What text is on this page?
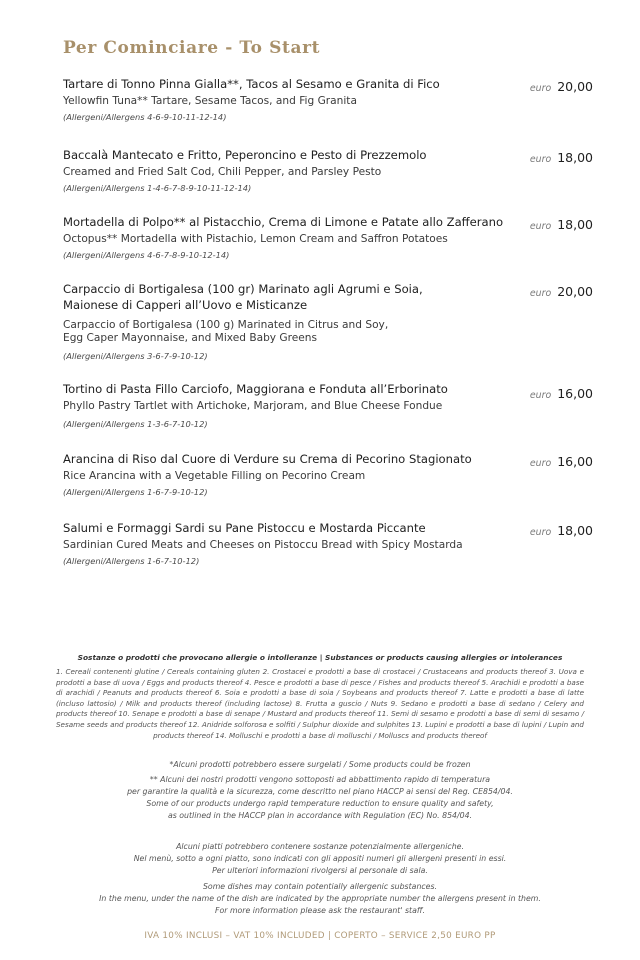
Per Cominciare - To Start
Tartare di Tonno Pinna Gialla**, Tacos al Sesamo e Granita di Fico
Yellowfin Tuna** Tartare, Sesame Tacos, and Fig Granita
(Allergeni/Allergens 4-6-9-10-11-12-14)
euro 20,00
Baccalà Mantecato e Fritto, Peperoncino e Pesto di Prezzemolo
Creamed and Fried Salt Cod, Chili Pepper, and Parsley Pesto
(Allergeni/Allergens 1-4-6-7-8-9-10-11-12-14)
euro 18,00
Mortadella di Polpo** al Pistacchio, Crema di Limone e Patate allo Zafferano
Octopus** Mortadella with Pistachio, Lemon Cream and Saffron Potatoes
(Allergeni/Allergens 4-6-7-8-9-10-12-14)
euro 18,00
Carpaccio di Bortigalesa (100 gr) Marinato agli Agrumi e Soia, Maionese di Capperi all’Uovo e Misticanze
Carpaccio of Bortigalesa (100 g) Marinated in Citrus and Soy, Egg Caper Mayonnaise, and Mixed Baby Greens
(Allergeni/Allergens 3-6-7-9-10-12)
euro 20,00
Tortino di Pasta Fillo Carciofo, Maggiorana e Fonduta all’Erborinato
Phyllo Pastry Tartlet with Artichoke, Marjoram, and Blue Cheese Fondue
(Allergeni/Allergens 1-3-6-7-10-12)
euro 16,00
Arancina di Riso dal Cuore di Verdure su Crema di Pecorino Stagionato
Rice Arancina with a Vegetable Filling on Pecorino Cream
(Allergeni/Allergens 1-6-7-9-10-12)
euro 16,00
Salumi e Formaggi Sardi su Pane Pistoccu e Mostarda Piccante
Sardinian Cured Meats and Cheeses on Pistoccu Bread with Spicy Mostarda
(Allergeni/Allergens 1-6-7-10-12)
euro 18,00
Sostanze o prodotti che provocano allergie o intolleranze | Substances or products causing allergies or intolerances
1. Cereali contenenti glutine / Cereals containing gluten 2. Crostacei e prodotti a base di crostacei / Crustaceans and products thereof 3. Uova e prodotti a base di uova / Eggs and products thereof 4. Pesce e prodotti a base di pesce / Fishes and products thereof 5. Arachidi e prodotti a base di arachidi / Peanuts and products thereof 6. Soia e prodotti a base di soia / Soybeans and products thereof 7. Latte e prodotti a base di latte (incluso lattosio) / Milk and products thereof (including lactose) 8. Frutta a guscio / Nuts 9. Sedano e prodotti a base di sedano / Celery and products thereof 10. Senape e prodotti a base di senape / Mustard and products thereof 11. Semi di sesamo e prodotti a base di semi di sesamo / Sesame seeds and products thereof 12. Anidride solforosa e solfiti / Sulphur dioxide and sulphites 13. Lupini e prodotti a base di lupini / Lupin and products thereof 14. Molluschi e prodotti a base di molluschi / Molluscs and products thereof
*Alcuni prodotti potrebbero essere surgelati / Some products could be frozen
** Alcuni dei nostri prodotti vengono sottoposti ad abbattimento rapido di temperatura
per garantire la qualità e la sicurezza, come descritto nel piano HACCP ai sensi del Reg. CE854/04.
Some of our products undergo rapid temperature reduction to ensure quality and safety,
as outlined in the HACCP plan in accordance with Regulation (EC) No. 854/04.
Alcuni piatti potrebbero contenere sostanze potenzialmente allergeniche.
Nel menù, sotto a ogni piatto, sono indicati con gli appositi numeri gli allergeni presenti in essi.
Per ulteriori informazioni rivolgersi al personale di sala.
Some dishes may contain potentially allergenic substances.
In the menu, under the name of the dish are indicated by the appropriate number the allergens present in them.
For more information please ask the restaurant' staff.
IVA 10% INCLUSI – VAT 10% INCLUDED | COPERTO – SERVICE 2,50 EURO PP
